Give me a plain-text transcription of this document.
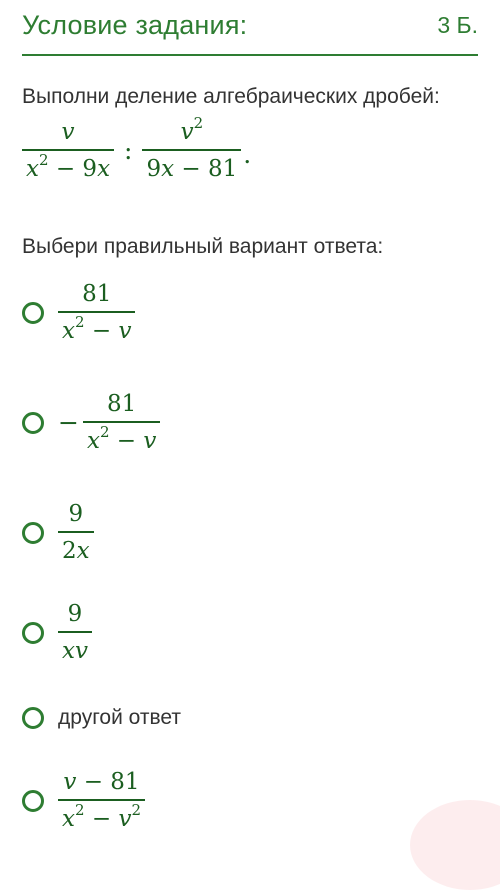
Условие задания:	3 Б.
Выполни деление алгебраических дробей:
$\frac{v}{x^2 - 9x}$ : $\frac{v^2}{9x - 81}$ .
Выбери правильный вариант ответа:
$\frac{81}{x^2 - v}$
− $\frac{81}{x^2 - v}$
$\frac{9}{2x}$
$\frac{9}{xv}$
другой ответ
$\frac{v - 81}{x^2 - v^2}$
